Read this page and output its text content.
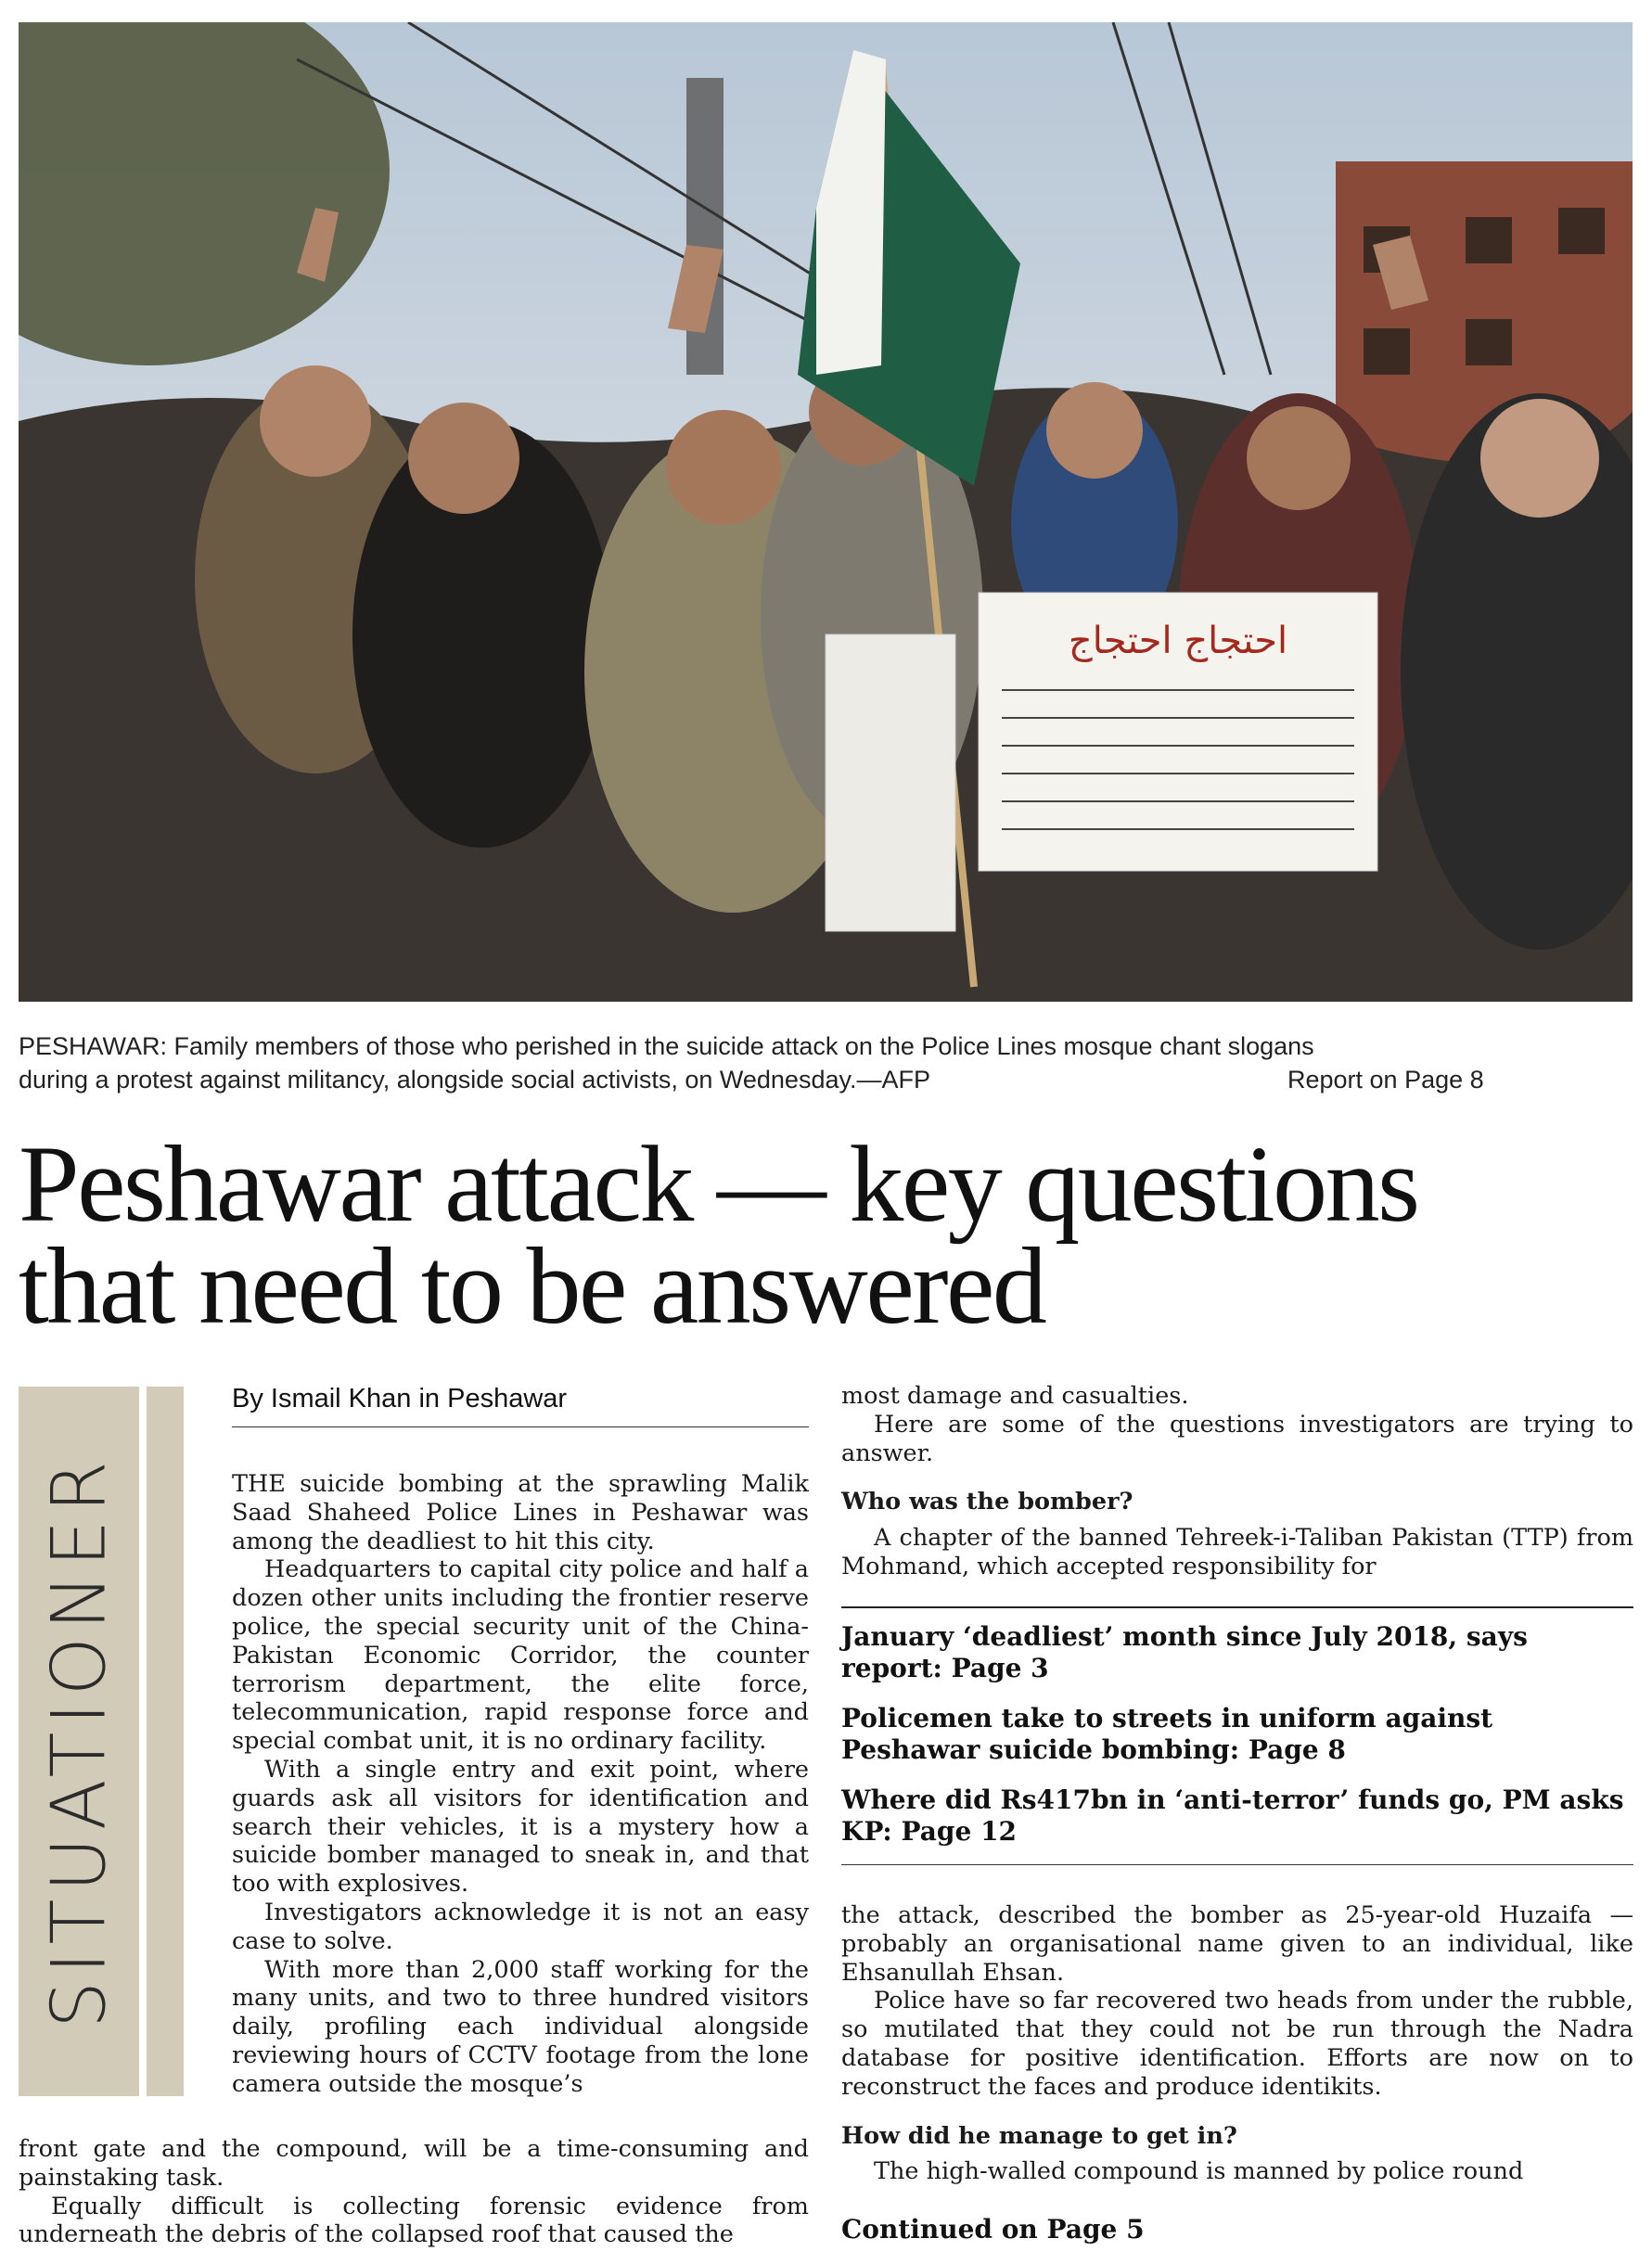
احتجاج احتجاج
PESHAWAR: Family members of those who perished in the suicide attack on the Police Lines mosque chant slogans
during a protest against militancy, alongside social activists, on Wednesday.—AFP	Report on Page 8
Peshawar attack — key questions
that need to be answered
SITUATIONER
By Ismail Khan in Peshawar

THE suicide bombing at the sprawling Malik Saad Shaheed Police Lines in Peshawar was among the deadliest to hit this city.

Headquarters to capital city police and half a dozen other units including the frontier reserve police, the special security unit of the China-Pakistan Economic Corridor, the counter terrorism department, the elite force, telecommunication, rapid response force and special combat unit, it is no ordinary facility.

With a single entry and exit point, where guards ask all visitors for identification and search their vehicles, it is a mystery how a suicide bomber managed to sneak in, and that too with explosives.

Investigators acknowledge it is not an easy case to solve.

With more than 2,000 staff working for the many units, and two to three hundred visitors daily, profiling each individual alongside reviewing hours of CCTV footage from the lone camera outside the mosque’s

front gate and the compound, will be a time-consuming and painstaking task.

Equally difficult is collecting forensic evidence from underneath the debris of the collapsed roof that caused the

most damage and casualties.

Here are some of the questions investigators are trying to answer.

Who was the bomber?

A chapter of the banned Tehreek-i-Taliban Pakistan (TTP) from Mohmand, which accepted responsibility for

January ‘deadliest’ month since July 2018, says report: Page 3
Policemen take to streets in uniform against Peshawar suicide bombing: Page 8
Where did Rs417bn in ‘anti-terror’ funds go, PM asks KP: Page 12

the attack, described the bomber as 25-year-old Huzaifa — probably an organisational name given to an individual, like Ehsanullah Ehsan.

Police have so far recovered two heads from under the rubble, so mutilated that they could not be run through the Nadra database for positive identification. Efforts are now on to reconstruct the faces and produce identikits.

How did he manage to get in?

The high-walled compound is manned by police round

Continued on Page 5
